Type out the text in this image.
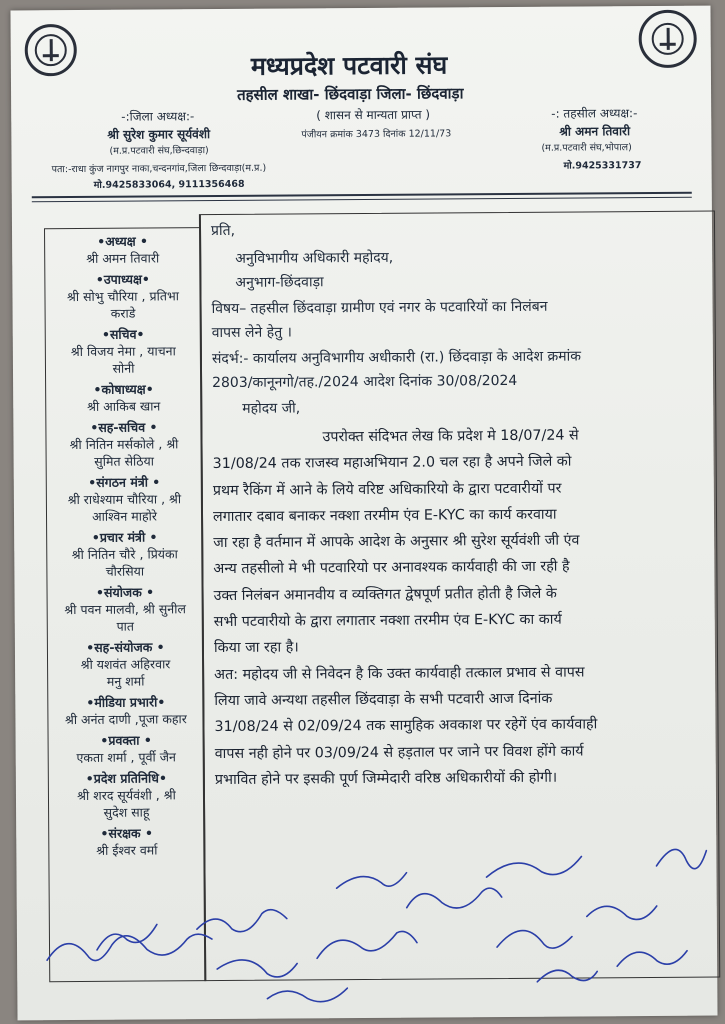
मध्यप्रदेश पटवारी संघ
तहसील शाखा- छिंदवाड़ा जिला- छिंदवाड़ा
( शासन से मान्यता प्राप्त )
पंजीयन क्रमांक 3473 दिनांक 12/11/73
-:जिला अध्यक्ष:-
श्री सुरेश कुमार सूर्यवंशी
(म.प्र.पटवारी संघ,छिन्दवाड़ा)
पता:-राधा कुंज नागपुर नाका,चन्दनगांव,जिला छिन्दवाड़ा(म.प्र.)
मो.9425833064, 9111356468
-: तहसील अध्यक्ष:-
श्री अमन तिवारी
(म.प्र.पटवारी संघ,भोपाल)
मो.9425331737
•अध्यक्ष •
श्री अमन तिवारी
•उपाध्यक्ष•
श्री सोभु चौरिया , प्रतिभा
कराडे
•सचिव•
श्री विजय नेमा , याचना
सोनी
•कोषाध्यक्ष•
श्री आकिब खान
•सह-सचिव •
श्री नितिन मर्सकोले , श्री
सुमित सेठिया
•संगठन मंत्री •
श्री राधेश्याम चौरिया , श्री
आश्विन माहोरे
•प्रचार मंत्री •
श्री नितिन चौरे , प्रियंका
चौरसिया
•संयोजक •
श्री पवन मालवी, श्री सुनील
पात
•सह-संयोजक •
श्री यशवंत अहिरवार
मनु शर्मा
•मीडिया प्रभारी•
श्री अनंत दाणी ,पूजा कहार
•प्रवक्ता •
एकता शर्मा , पूर्वी जैन
•प्रदेश प्रतिनिधि•
श्री शरद सूर्यवंशी , श्री
सुदेश साहू
•संरक्षक •
श्री ईश्वर वर्मा
प्रति,
अनुविभागीय अधिकारी महोदय,
अनुभाग-छिंदवाड़ा
विषय– तहसील छिंदवाड़ा ग्रामीण एवं नगर के पटवारियों का निलंबन
वापस लेने हेतु ।
संदर्भ:- कार्यालय अनुविभागीय अधीकारी (रा.) छिंदवाड़ा के आदेश क्रमांक
2803/कानूनगो/तह./2024 आदेश दिनांक 30/08/2024
महोदय जी,
उपरोक्त संदिभत लेख कि प्रदेश मे 18/07/24 से
31/08/24 तक राजस्व महाअभियान 2.0 चल रहा है अपने जिले को
प्रथम रैकिंग में आने के लिये वरिष्ट अधिकारियो के द्वारा पटवारीयों पर
लगातार दबाव बनाकर नक्शा तरमीम एंव E-KYC का कार्य करवाया
जा रहा है वर्तमान में आपके आदेश के अनुसार श्री सुरेश सूर्यवंशी जी एंव
अन्य तहसीलो मे भी पटवारियो पर अनावश्यक कार्यवाही की जा रही है
उक्त निलंबन अमानवीय व व्यक्तिगत द्वेषपूर्ण प्रतीत होती है जिले के
सभी पटवारीयो के द्वारा लगातार नक्शा तरमीम एंव E-KYC का कार्य
किया जा रहा है।
अत: महोदय जी से निवेदन है कि उक्त कार्यवाही तत्काल प्रभाव से वापस
लिया जावे अन्यथा तहसील छिंदवाड़ा के सभी पटवारी आज दिनांक
31/08/24 से 02/09/24 तक सामुहिक अवकाश पर रहेगें एंव कार्यवाही
वापस नही होने पर 03/09/24 से हड़ताल पर जाने पर विवश होंगे कार्य
प्रभावित होने पर इसकी पूर्ण जिम्मेदारी वरिष्ठ अधिकारीयों की होगी।
